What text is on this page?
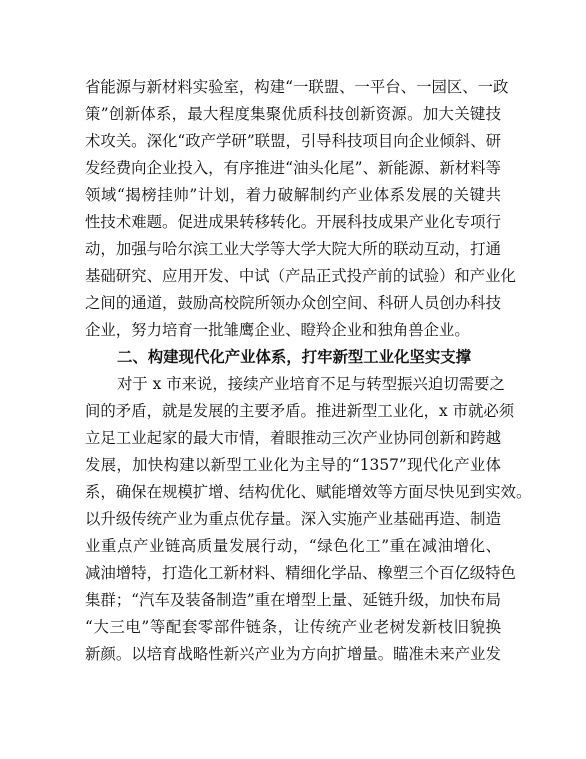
省能源与新材料实验室，构建“一联盟、一平台、一园区、一政
策”创新体系，最大程度集聚优质科技创新资源。加大关键技
术攻关。深化“政产学研”联盟，引导科技项目向企业倾斜、研
发经费向企业投入，有序推进“油头化尾”、新能源、新材料等
领域“揭榜挂帅”计划，着力破解制约产业体系发展的关键共
性技术难题。促进成果转移转化。开展科技成果产业化专项行
动，加强与哈尔滨工业大学等大学大院大所的联动互动，打通
基础研究、应用开发、中试（产品正式投产前的试验）和产业化
之间的通道，鼓励高校院所领办众创空间、科研人员创办科技
企业，努力培育一批雏鹰企业、瞪羚企业和独角兽企业。
二、构建现代化产业体系，打牢新型工业化坚实支撑
对于 x 市来说，接续产业培育不足与转型振兴迫切需要之
间的矛盾，就是发展的主要矛盾。推进新型工业化，x 市就必须
立足工业起家的最大市情，着眼推动三次产业协同创新和跨越
发展，加快构建以新型工业化为主导的“1357”现代化产业体
系，确保在规模扩增、结构优化、赋能增效等方面尽快见到实效。
以升级传统产业为重点优存量。深入实施产业基础再造、制造
业重点产业链高质量发展行动，“绿色化工”重在减油增化、
减油增特，打造化工新材料、精细化学品、橡塑三个百亿级特色
集群；“汽车及装备制造”重在增型上量、延链升级，加快布局
“大三电”等配套零部件链条，让传统产业老树发新枝旧貌换
新颜。以培育战略性新兴产业为方向扩增量。瞄准未来产业发
